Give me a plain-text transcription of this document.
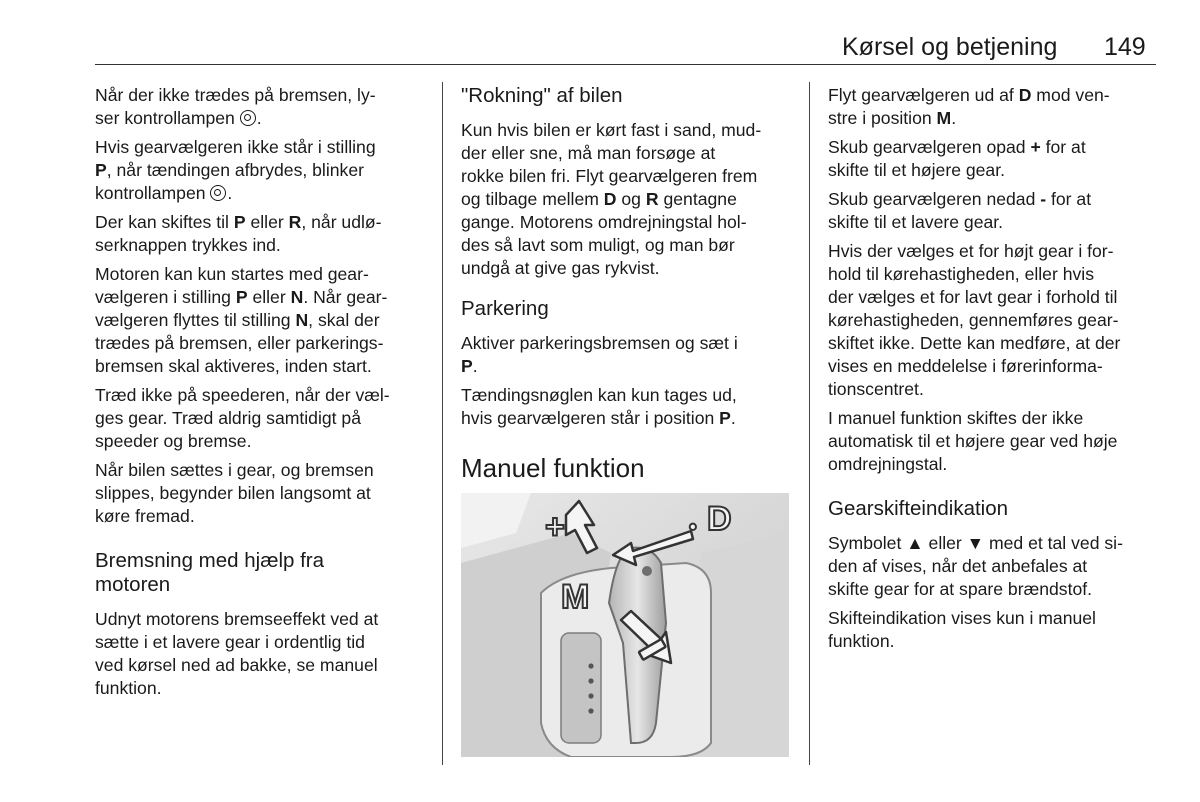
Kørsel og betjening 149

Når der ikke trædes på bremsen, ly-
ser kontrollampen .

Hvis gearvælgeren ikke står i stilling
P, når tændingen afbrydes, blinker
kontrollampen .

Der kan skiftes til P eller R, når udlø-
serknappen trykkes ind.

Motoren kan kun startes med gear-
vælgeren i stilling P eller N. Når gear-
vælgeren flyttes til stilling N, skal der
trædes på bremsen, eller parkerings-
bremsen skal aktiveres, inden start.

Træd ikke på speederen, når der væl-
ges gear. Træd aldrig samtidigt på
speeder og bremse.

Når bilen sættes i gear, og bremsen
slippes, begynder bilen langsomt at
køre fremad.

Bremsning med hjælp fra
motoren

Udnyt motorens bremseeffekt ved at
sætte i et lavere gear i ordentlig tid
ved kørsel ned ad bakke, se manuel
funktion.

"Rokning" af bilen

Kun hvis bilen er kørt fast i sand, mud-
der eller sne, må man forsøge at
rokke bilen fri. Flyt gearvælgeren frem
og tilbage mellem D og R gentagne
gange. Motorens omdrejningstal hol-
des så lavt som muligt, og man bør
undgå at give gas rykvist.

Parkering

Aktiver parkeringsbremsen og sæt i
P.

Tændingsnøglen kan kun tages ud,
hvis gearvælgeren står i position P.

Manuel funktion
+	• D
M

Flyt gearvælgeren ud af D mod ven-
stre i position M.

Skub gearvælgeren opad + for at
skifte til et højere gear.

Skub gearvælgeren nedad - for at
skifte til et lavere gear.

Hvis der vælges et for højt gear i for-
hold til kørehastigheden, eller hvis
der vælges et for lavt gear i forhold til
kørehastigheden, gennemføres gear-
skiftet ikke. Dette kan medføre, at der
vises en meddelelse i førerinforma-
tionscentret.

I manuel funktion skiftes der ikke
automatisk til et højere gear ved høje
omdrejningstal.

Gearskifteindikation

Symbolet ▲ eller ▼ med et tal ved si-
den af vises, når det anbefales at
skifte gear for at spare brændstof.

Skifteindikation vises kun i manuel
funktion.
